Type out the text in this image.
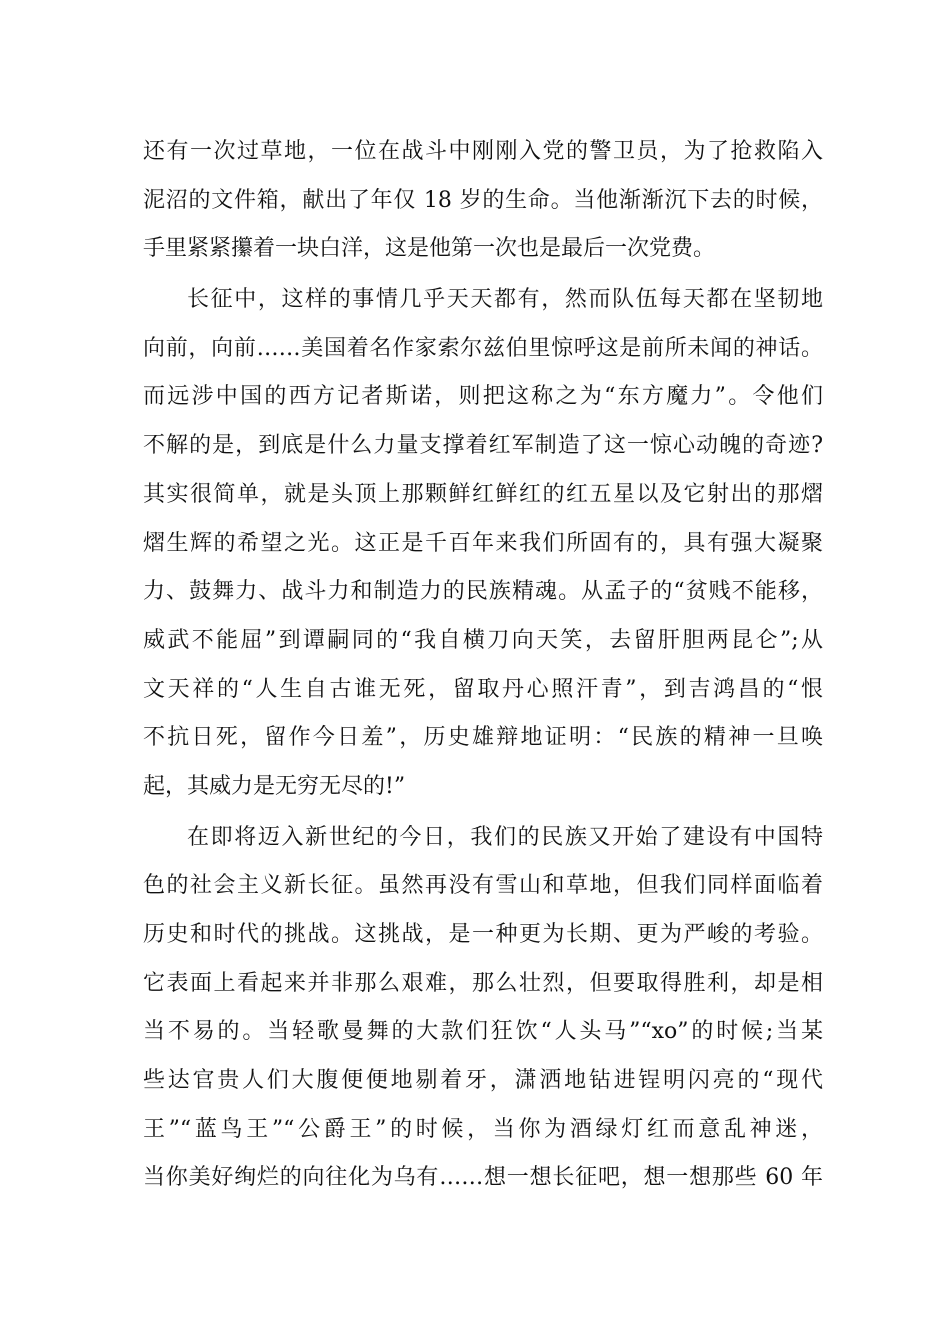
还有一次过草地，一位在战斗中刚刚入党的警卫员，为了抢救陷入
泥沼的文件箱，献出了年仅 18 岁的生命。当他渐渐沉下去的时候，
手里紧紧攥着一块白洋，这是他第一次也是最后一次党费。
长征中，这样的事情几乎天天都有，然而队伍每天都在坚韧地
向前，向前……美国着名作家索尔兹伯里惊呼这是前所未闻的神话。
而远涉中国的西方记者斯诺，则把这称之为“东方魔力”。令他们
不解的是，到底是什么力量支撑着红军制造了这一惊心动魄的奇迹?
其实很简单，就是头顶上那颗鲜红鲜红的红五星以及它射出的那熠
熠生辉的希望之光。这正是千百年来我们所固有的，具有强大凝聚
力、鼓舞力、战斗力和制造力的民族精魂。从孟子的“贫贱不能移，
威武不能屈”到谭嗣同的“我自横刀向天笑，去留肝胆两昆仑”;从
文天祥的“人生自古谁无死，留取丹心照汗青”，到吉鸿昌的“恨
不抗日死，留作今日羞”，历史雄辩地证明：“民族的精神一旦唤
起，其威力是无穷无尽的!”
在即将迈入新世纪的今日，我们的民族又开始了建设有中国特
色的社会主义新长征。虽然再没有雪山和草地，但我们同样面临着
历史和时代的挑战。这挑战，是一种更为长期、更为严峻的考验。
它表面上看起来并非那么艰难，那么壮烈，但要取得胜利，却是相
当不易的。当轻歌曼舞的大款们狂饮“人头马”“xo”的时候;当某
些达官贵人们大腹便便地剔着牙，潇洒地钻进锃明闪亮的“现代
王”“蓝鸟王”“公爵王”的时候，当你为酒绿灯红而意乱神迷，
当你美好绚烂的向往化为乌有……想一想长征吧，想一想那些 60 年
